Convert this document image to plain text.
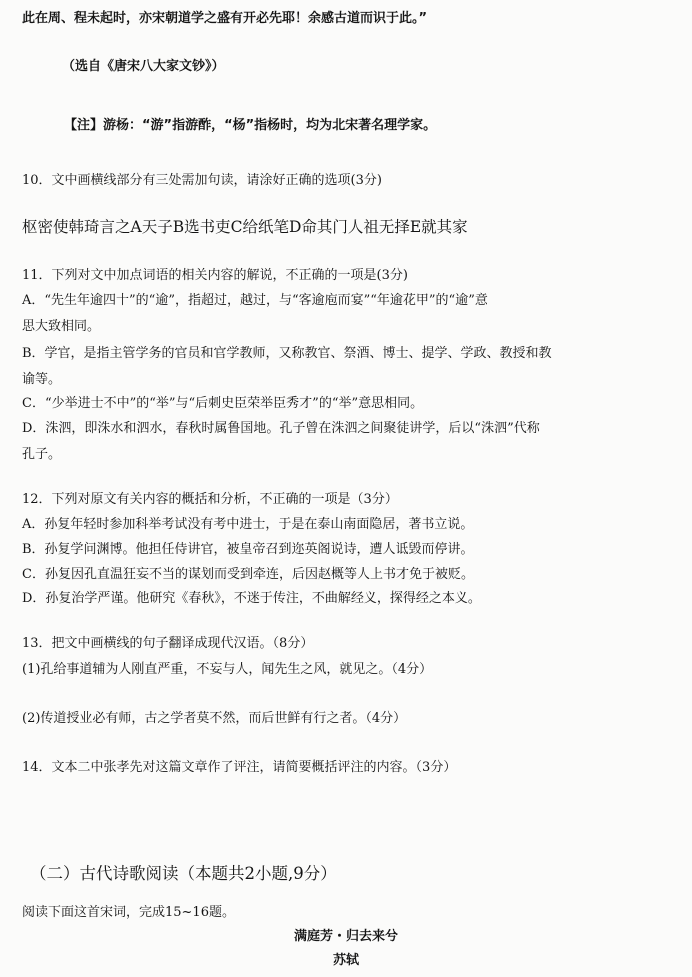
此在周、程未起时，亦宋朝道学之盛有开必先耶！余感古道而识于此。”
（选自《唐宋八大家文钞》）
【注】游杨：“游”指游酢，“杨”指杨时，均为北宋著名理学家。
10．文中画横线部分有三处需加句读，请涂好正确的选项(3分)
枢密使韩琦言之A天子B选书吏C给纸笔D命其门人祖无择E就其家
11．下列对文中加点词语的相关内容的解说，不正确的一项是(3分)
A．“先生年逾四十”的“逾”，指超过，越过，与“客逾庖而宴”“年逾花甲”的“逾”意
思大致相同。
B．学官，是指主管学务的官员和官学教师，又称教官、祭酒、博士、提学、学政、教授和教
谕等。
C．“少举进士不中”的“举”与“后刺史臣荣举臣秀才”的“举”意思相同。
D．洙泗，即洙水和泗水，春秋时属鲁国地。孔子曾在洙泗之间聚徒讲学，后以“洙泗”代称
孔子。
12．下列对原文有关内容的概括和分析，不正确的一项是（3分）
A．孙复年轻时参加科举考试没有考中进士，于是在泰山南面隐居，著书立说。
B．孙复学问渊博。他担任侍讲官，被皇帝召到迩英阁说诗，遭人诋毁而停讲。
C．孙复因孔直温狂妄不当的谋划而受到牵连，后因赵概等人上书才免于被贬。
D．孙复治学严谨。他研究《春秋》，不迷于传注，不曲解经义，探得经之本义。
13．把文中画横线的句子翻译成现代汉语。（8分）
(1)孔给事道辅为人刚直严重，不妄与人，闻先生之风，就见之。（4分）
(2)传道授业必有师，古之学者莫不然，而后世鲜有行之者。（4分）
14．文本二中张孝先对这篇文章作了评注，请简要概括评注的内容。（3分）
（二）古代诗歌阅读（本题共2小题,9分）
阅读下面这首宋词，完成15~16题。
满庭芳・归去来兮
苏轼
